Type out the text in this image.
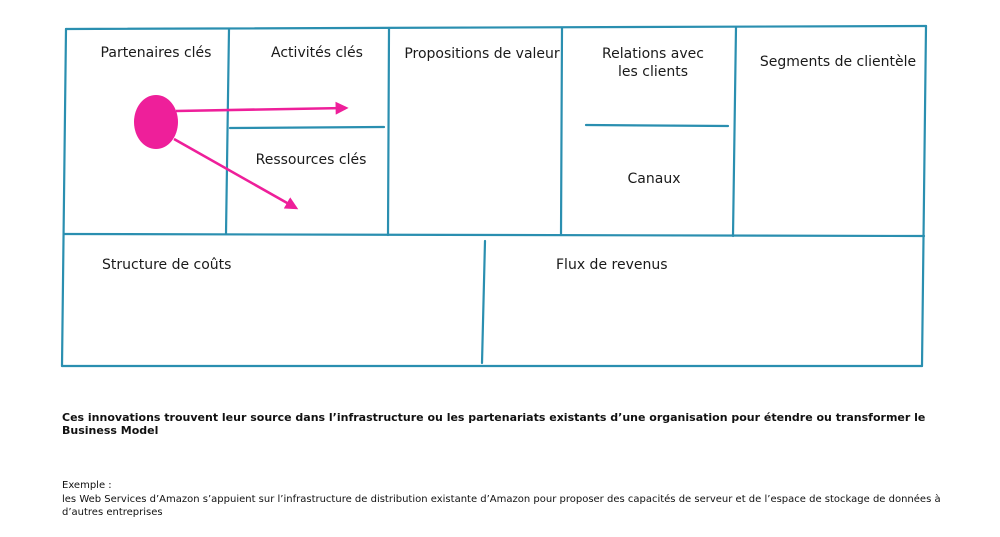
Partenaires clés	Activités clés
Ressources clés
Propositions de valeur	Relations avec les clients
Canaux
Segments de clientèle
Structure de coûts	Flux de revenus
Ces innovations trouvent leur source dans l’infrastructure ou les partenariats existants d’une organisation pour étendre ou transformer le Business Model
Exemple :
les Web Services d’Amazon s’appuient sur l’infrastructure de distribution existante d’Amazon pour proposer des capacités de serveur et de l’espace de stockage de données à d’autres entreprises
